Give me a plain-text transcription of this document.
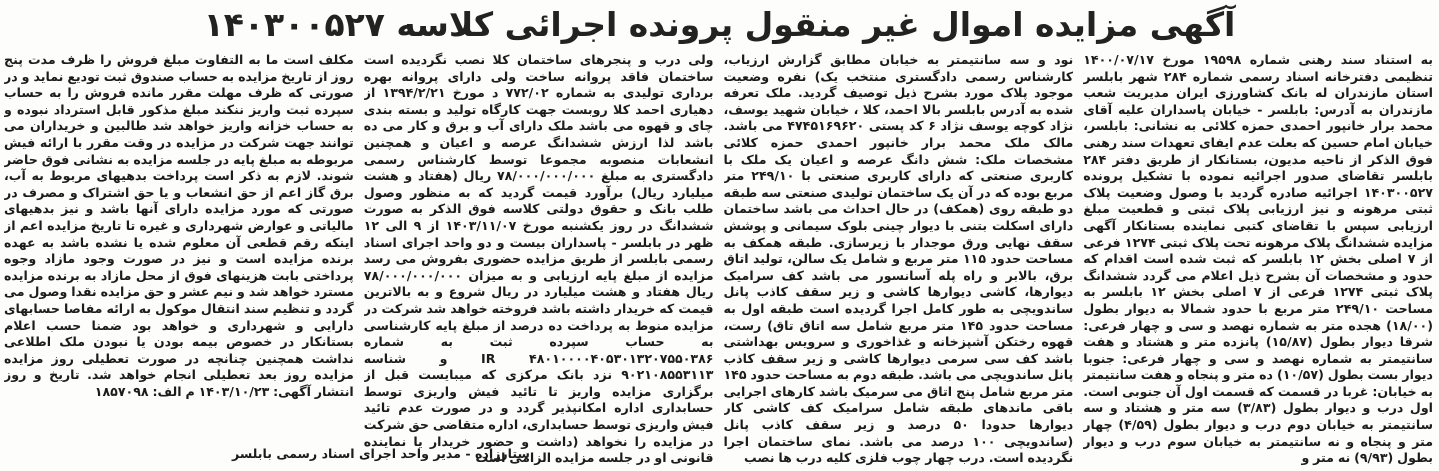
آگهی مزایده اموال غیر منقول پرونده اجرائی کلاسه ۱۴۰۳۰۰۵۲۷

به استناد سند رهنی شماره ۱۹۵۹۸ مورخ ۱۴۰۰/۰۷/۱۷ تنظیمی دفترخانه اسناد رسمی شماره ۲۸۴ شهر بابلسر استان مازندران له بانک کشاورزی ایران مدیریت شعب مازندران به آدرس: بابلسر - خیابان پاسداران علیه آقای محمد برار خانپور احمدی حمزه کلائی به نشانی: بابلسر، خیابان امام حسین که بعلت عدم ایفای تعهدات سند رهنی فوق الذکر از ناحیه مدیون، بستانکار از طریق دفتر ۲۸۴ بابلسر تقاضای صدور اجرائیه نموده با تشکیل پرونده ۱۴۰۳۰۰۵۲۷ اجرائیه صادره گردید با وصول وضعیت پلاک ثبتی مرهونه و نیز ارزیابی پلاک ثبتی و قطعیت مبلغ ارزیابی سپس با تقاضای کتبی نماینده بستانکار آگهی مزایده ششدانگ پلاک مرهونه تحت پلاک ثبتی ۱۲۷۴ فرعی از ۷ اصلی بخش ۱۲ بابلسر که ثبت شده است اقدام که حدود و مشخصات آن بشرح ذیل اعلام می گردد ششدانگ پلاک ثبتی ۱۲۷۴ فرعی از ۷ اصلی بخش ۱۲ بابلسر به مساحت ۲۴۹/۱۰ متر مربع با حدود شمالا به دیوار بطول (۱۸/۰۰) هجده متر به شماره نهصد و سی و چهار فرعی: شرقا دیوار بطول (۱۵/۸۷) پانزده متر و هشتاد و هفت سانتیمتر به شماره نهصد و سی و چهار فرعی: جنوبا دیوار بست بطول (۱۰/۵۷) ده متر و پنجاه و هفت سانتیمتر به خیابان: غربا در قسمت که قسمت اول آن جنوبی است. اول درب و دیوار بطول (۳/۸۳) سه متر و هشتاد و سه سانتیمتر به خیابان دوم درب و دیوار بطول (۴/۵۹) چهار متر و پنجاه و نه سانتیمتر به خیابان سوم درب و دیوار بطول (۹/۹۳) نه متر و

نود و سه سانتیمتر به خیابان مطابق گزارش ارزیاب، کارشناس رسمی دادگستری منتخب یک) نفره وضعیت موجود پلاک مورد بشرح ذیل توصیف گردید. ملک تعرفه شده به آدرس بابلسر بالا احمد، کلا ، خیابان شهید یوسف، نژاد کوچه یوسف نژاد ۶ کد پستی ۴۷۴۵۱۶۹۶۲۰ می باشد. مالک ملک محمد برار خانپور احمدی حمزه کلائی مشخصات ملک: شش دانگ عرصه و اعیان یک ملک با کاربری صنعتی که دارای کاربری صنعتی با ۲۴۹/۱۰ متر مربع بوده که در آن یک ساختمان تولیدی صنعتی سه طبقه دو طبقه روی (همکف) در حال احداث می باشد ساختمان دارای اسکلت بتنی با دیوار چینی بلوک سیمانی و پوشش سقف نهایی ورق موجدار با زیرسازی. طبقه همکف به مساحت حدود ۱۱۵ متر مربع و شامل یک سالن، تولید اتاق برق، بالابر و راه پله آسانسور می باشد کف سرامیک دیوارها، کاشی دیوارها کاشی و زیر سقف کاذب پانل ساندویچی به طور کامل اجرا گردیده است طبقه اول به مساحت حدود ۱۴۵ متر مربع شامل سه اتاق تاق) رست، قهوه رختکن آشپزخانه و غذاخوری و سرویس بهداشتی باشد کف سی سرمی دیوارها کاشی و زیر سقف کاذب پانل ساندویچی می باشد. طبقه دوم به مساحت حدود ۱۴۵ متر مربع شامل پنج اتاق می سرمیک باشد کارهای اجرایی باقی ماندهای طبقه شامل سرامیک کف کاشی کار دیوارها حدودا ۵۰ درصد و زیر سقف کاذب پانل (ساندویچی ۱۰۰ درصد می باشد. نمای ساختمان اجرا نگردیده است. درب چهار چوب فلزی کلیه درب ها نصب

ولی درب و پنجرهای ساختمان کلا نصب نگردیده است ساختمان فاقد پروانه ساخت ولی دارای پروانه بهره برداری تولیدی به شماره ۷۷۲/۰۲ د مورخ ۱۳۹۴/۲/۲۱ از دهیاری احمد کلا روبست جهت کارگاه تولید و بسته بندی چای و قهوه می باشد ملک دارای آب و برق و کار می ده باشد لذا ارزش ششدانگ عرصه و اعیان و همچنین انشعابات منصوبه مجموعا توسط کارشناس رسمی دادگستری به مبلغ ۷۸/۰۰۰/۰۰۰/۰۰۰ ریال (هفتاد و هشت میلیارد ریال) برآورد قیمت گردید که به منظور وصول طلب بانک و حقوق دولتی کلاسه فوق الذکر به صورت ششدانگ در روز یکشنبه مورخ ۱۴۰۳/۱۱/۰۷ از ۹ الی ۱۲ ظهر در بابلسر - پاسداران بیست و دو واحد اجرای اسناد رسمی بابلسر از طریق مزایده حضوری بفروش می رسد مزایده از مبلغ پایه ارزیابی و به میزان ۷۸/۰۰۰/۰۰۰/۰۰۰ ریال هفتاد و هشت میلیارد در ریال شروع و به بالاترین قیمت که خریدار داشته باشد فروخته خواهد شد شرکت در مزایده منوط به پرداخت ده درصد از مبلغ پایه کارشناسی به حساب سپرده ثبت به شماره ۴۸۰۱۰۰۰۰۴۰۵۳۰۱۳۲۰۷۵۵۰۳۸۶ IR و شناسه ۹۰۲۱۰۸۵۵۳۱۱۳ نزد بانک مرکزی که میبایست قبل از برگزاری مزایده واریز تا تائید فیش واریزی توسط حسابداری اداره امکانپذیر گردد و در صورت عدم تائید فیش واریزی توسط حسابداری، اداره متقاضی حق شرکت در مزایده را نخواهد (داشت و حضور خریدار یا نماینده قانونی او در جلسه مزایده الزامی است

مکلف است ما به التفاوت مبلغ فروش را ظرف مدت پنج روز از تاریخ مزایده به حساب صندوق ثبت تودیع نماید و در صورتی که ظرف مهلت مقرر مانده فروش را به حساب سپرده ثبت واریز ننکند مبلغ مذکور قابل استرداد نبوده و به حساب خزانه واریز خواهد شد طالبین و خریداران می توانند جهت شرکت در مزایده در وقت مقرر با ارائه فیش مربوطه به مبلغ پایه در جلسه مزایده به نشانی فوق حاضر شوند. لازم به ذکر است پرداخت بدهیهای مربوط به آب، برق گاز اعم از حق انشعاب و یا حق اشتراک و مصرف در صورتی که مورد مزایده دارای آنها باشد و نیز بدهیهای مالیاتی و عوارض شهرداری و غیره تا تاریخ مزایده اعم از اینکه رقم قطعی آن معلوم شده یا نشده باشد به عهده برنده مزایده است و نیز در صورت وجود مازاد وجوه پرداختی بابت هزینهای فوق از محل مازاد به برنده مزایده مسترد خواهد شد و نیم عشر و حق مزایده نقدا وصول می گردد و تنظیم سند انتقال موکول به ارائه مفاصا حسابهای دارایی و شهرداری و خواهد بود ضمنا حسب اعلام بستانکار در خصوص بیمه بودن یا نبودن ملک اطلاعی نداشت همچنین چنانچه در صورت تعطیلی روز مزایده مزایده روز بعد تعطیلی انجام خواهد شد. تاریخ و روز انتشار آگهی: ۱۴۰۳/۱۰/۲۳ م الف: ۱۸۵۷۰۹۸

ستارزاده - مدیر واحد اجرای اسناد رسمی بابلسر
